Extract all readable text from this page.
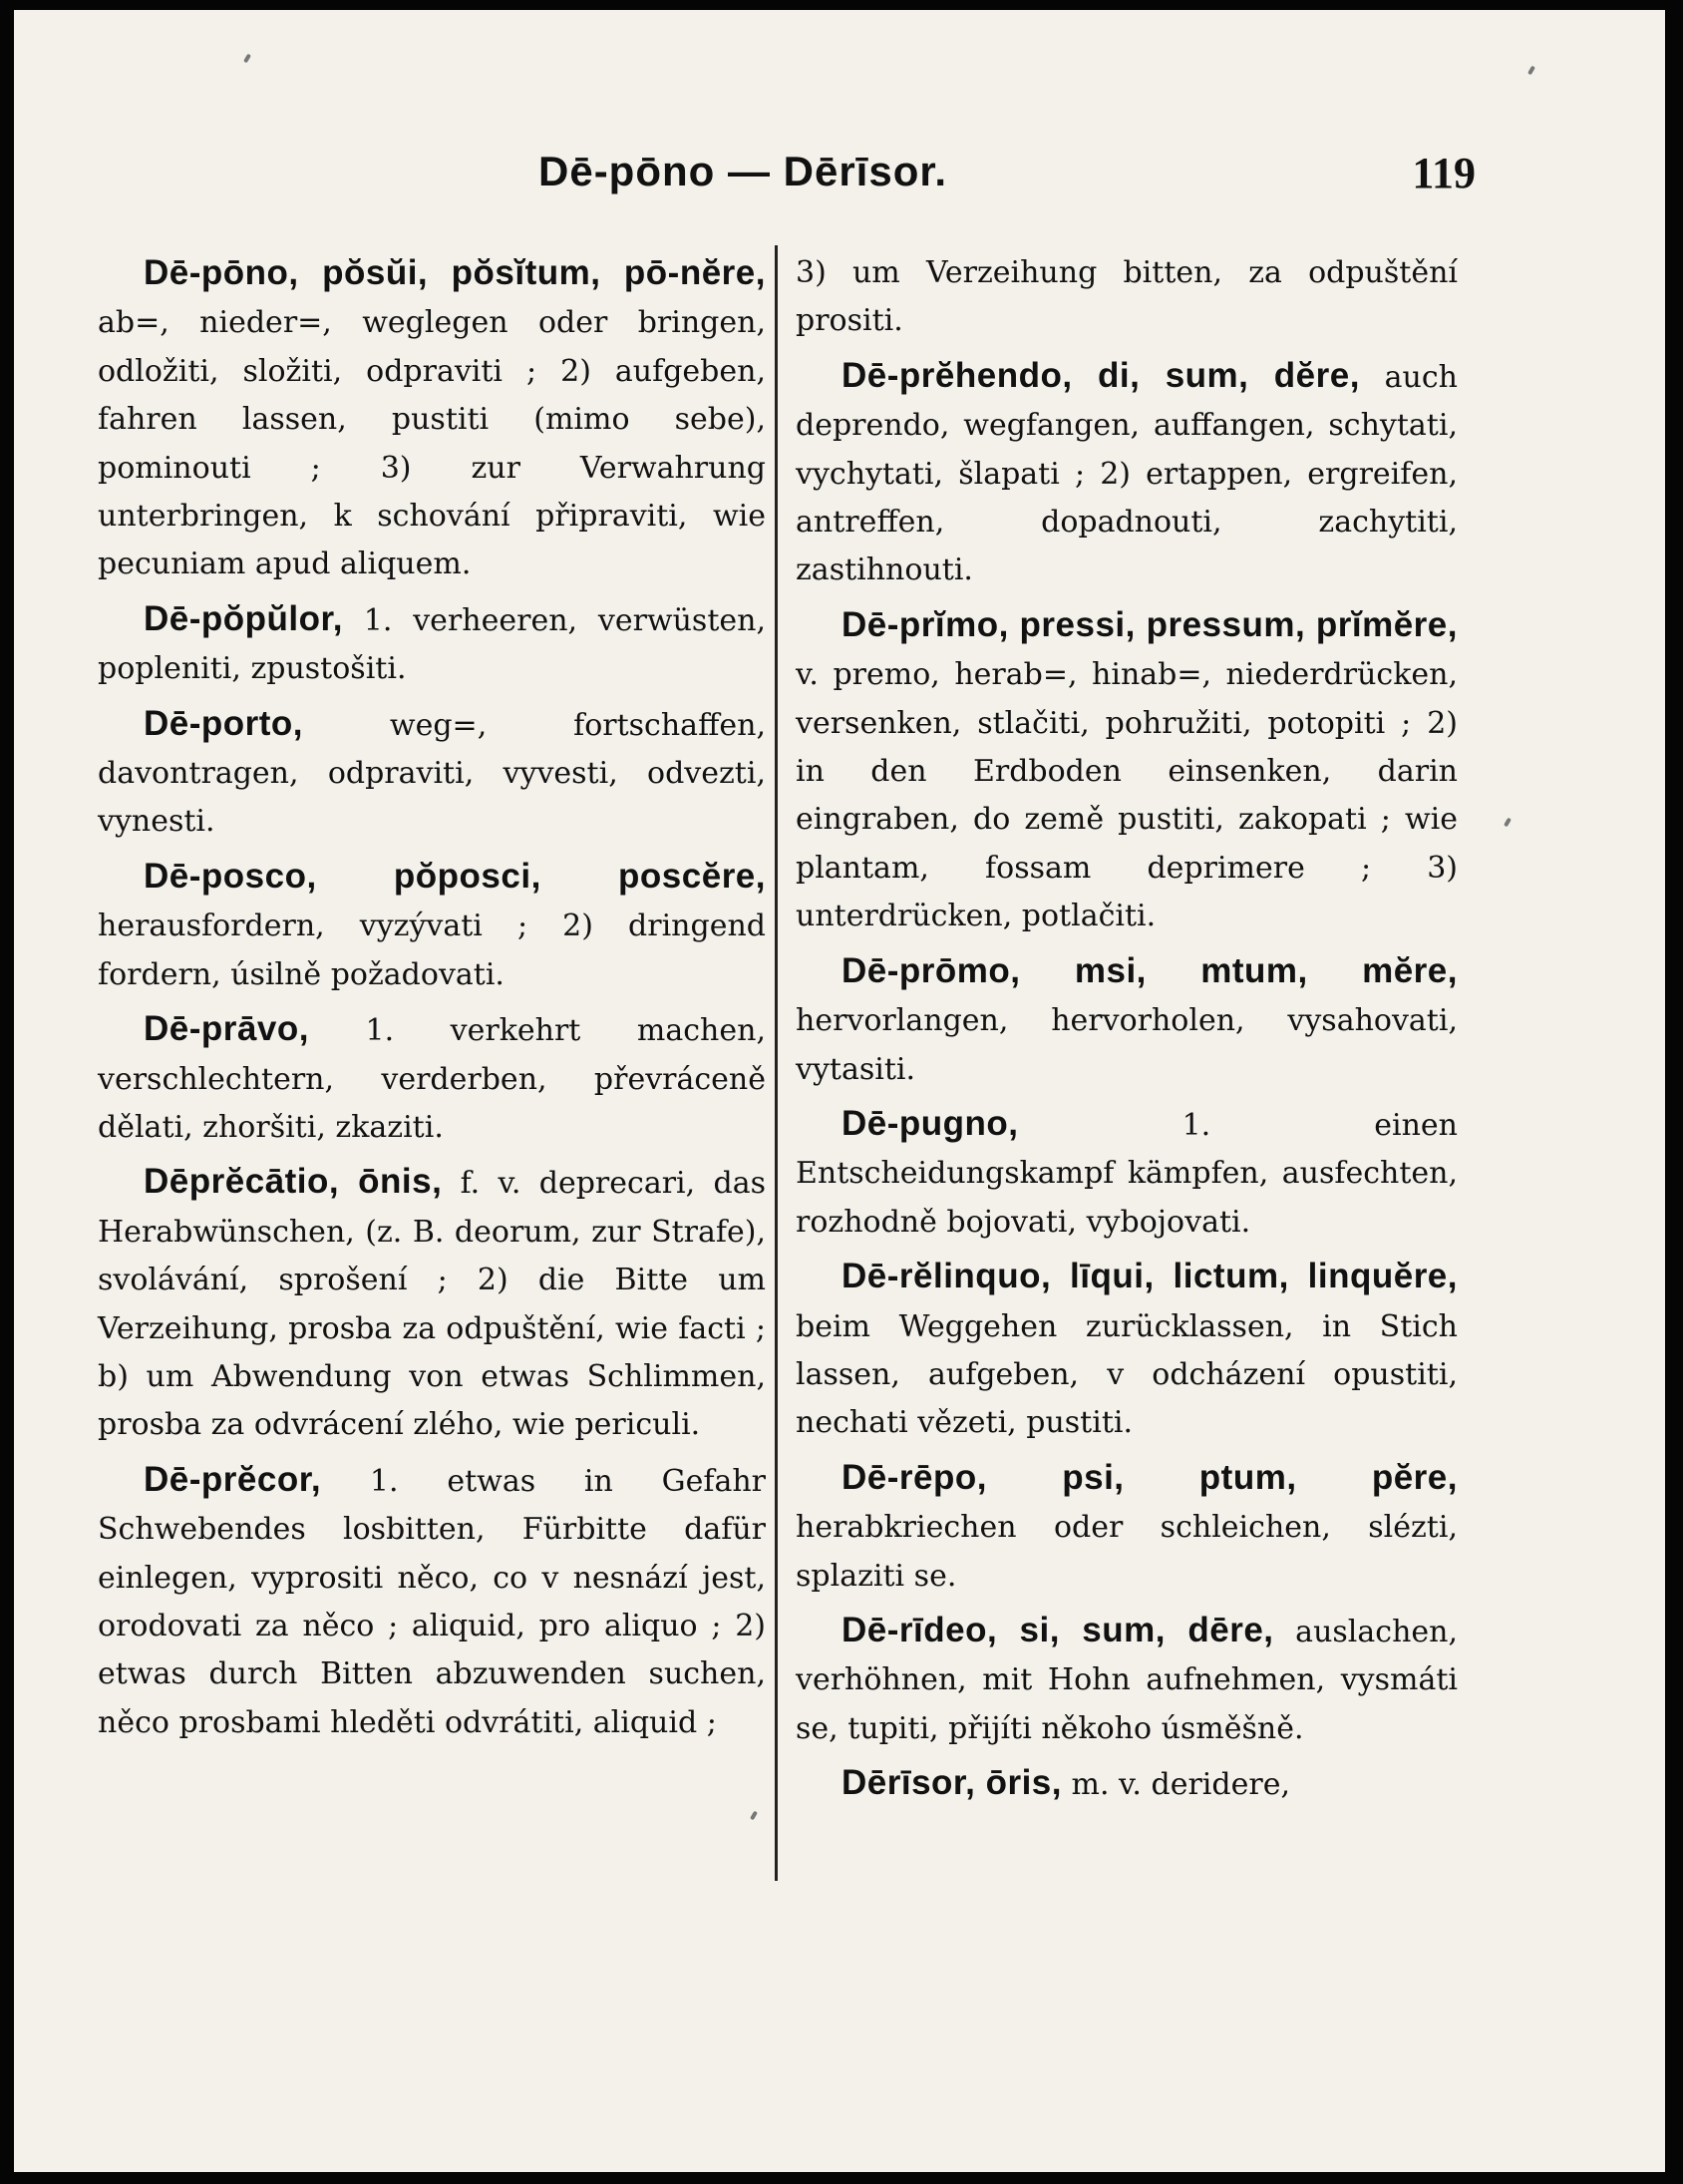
Dē-pōno — Dērīsor.	119

Dē-pōno, pŏsŭi, pŏsĭtum, pō-nĕre, ab=, nieder=, weglegen oder bringen, odložiti, složiti, odpraviti ; 2) aufgeben, fahren lassen, pustiti (mimo sebe), pominouti ; 3) zur Verwahrung unterbringen, k schování připraviti, wie pecuniam apud aliquem.

Dē-pŏpŭlor, 1. verheeren, verwüsten, popleniti, zpustošiti.

Dē-porto, weg=, fortschaffen, davontragen, odpraviti, vyvesti, odvezti, vynesti.

Dē-posco, pŏposci, poscĕre, herausfordern, vyzývati ; 2) dringend fordern, úsilně požadovati.

Dē-prāvo, 1. verkehrt machen, verschlechtern, verderben, převráceně dělati, zhoršiti, zkaziti.

Dēprĕcātio, ōnis, f. v. deprecari, das Herabwünschen, (z. B. deorum, zur Strafe), svolávání, sprošení ; 2) die Bitte um Verzeihung, prosba za odpuštění, wie facti ; b) um Abwendung von etwas Schlimmen, prosba za odvrácení zlého, wie periculi.

Dē-prĕcor, 1. etwas in Gefahr Schwebendes losbitten, Fürbitte dafür einlegen, vyprositi něco, co v nesnází jest, orodovati za něco ; aliquid, pro aliquo ; 2) etwas durch Bitten abzuwenden suchen, něco prosbami hleděti odvrátiti, aliquid ;

3) um Verzeihung bitten, za odpuštění prositi.

Dē-prĕhendo, di, sum, dĕre, auch deprendo, wegfangen, auffangen, schytati, vychytati, šlapati ; 2) ertappen, ergreifen, antreffen, dopadnouti, zachytiti, zastihnouti.

Dē-prĭmo, pressi, pressum, prĭmĕre, v. premo, herab=, hinab=, niederdrücken, versenken, stlačiti, pohružiti, potopiti ; 2) in den Erdboden einsenken, darin eingraben, do země pustiti, zakopati ; wie plantam, fossam deprimere ; 3) unterdrücken, potlačiti.

Dē-prōmo, msi, mtum, mĕre, hervorlangen, hervorholen, vysahovati, vytasiti.

Dē-pugno, 1. einen Entscheidungskampf kämpfen, ausfechten, rozhodně bojovati, vybojovati.

Dē-rĕlinquo, līqui, lictum, linquĕre, beim Weggehen zurücklassen, in Stich lassen, aufgeben, v odcházení opustiti, nechati vězeti, pustiti.

Dē-rēpo, psi, ptum, pĕre, herabkriechen oder schleichen, slézti, splaziti se.

Dē-rīdeo, si, sum, dēre, auslachen, verhöhnen, mit Hohn aufnehmen, vysmáti se, tupiti, přijíti někoho úsměšně.

Dērīsor, ōris, m. v. deridere,
